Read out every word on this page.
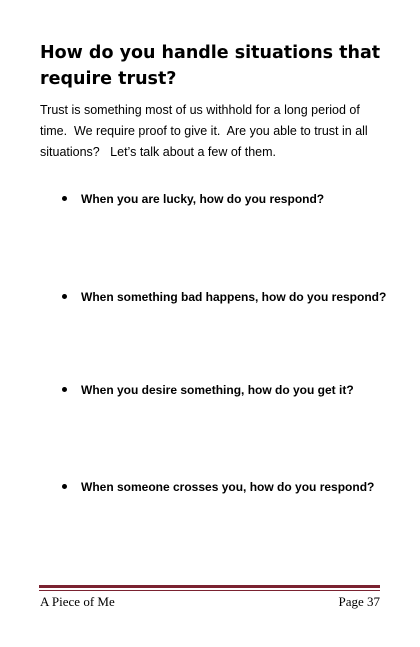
How do you handle situations that require trust?

Trust is something most of us withhold for a long period of time.  We require proof to give it.  Are you able to trust in all situations?   Let’s talk about a few of them.

When you are lucky, how do you respond?
When something bad happens, how do you respond?
When you desire something, how do you get it?
When someone crosses you, how do you respond?
A Piece of Me	Page 37
